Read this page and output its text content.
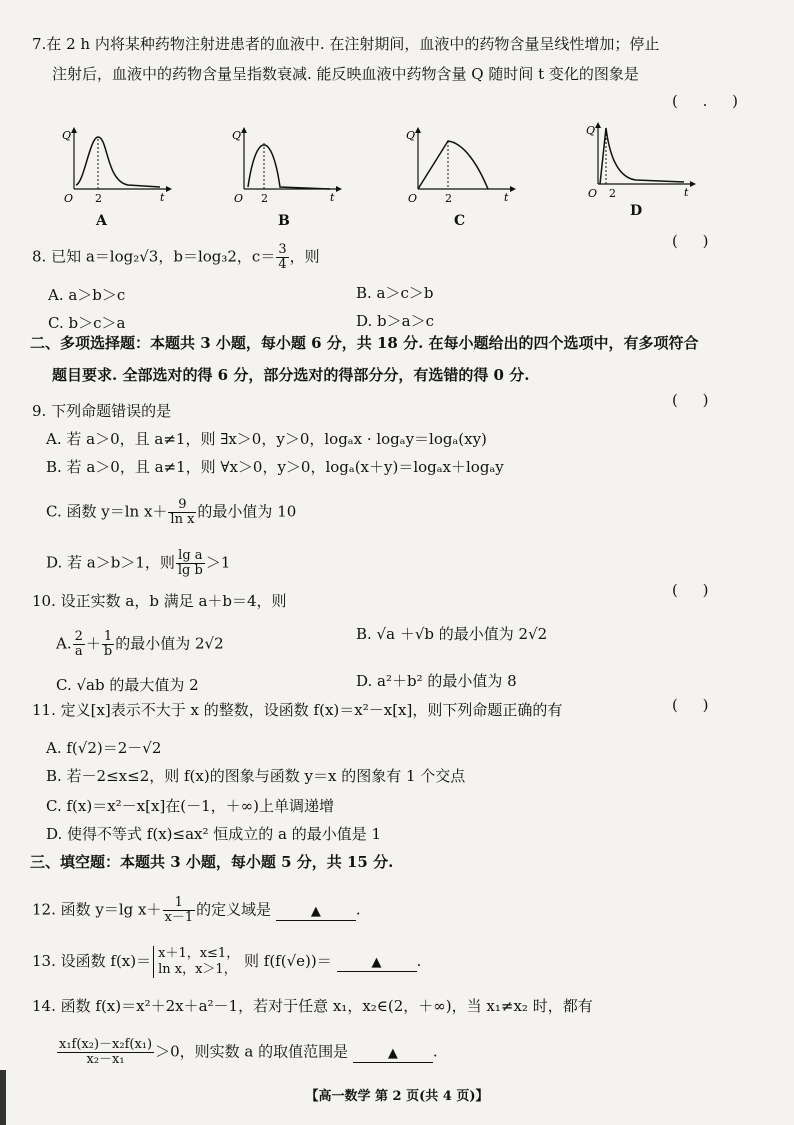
7.在 2 h 内将某种药物注射进患者的血液中. 在注射期间，血液中的药物含量呈线性增加；停止
注射后，血液中的药物含量呈指数衰减. 能反映血液中药物含量 Q 随时间 t 变化的图象是
( . )
Q
O 2	t
A
Q
O 2	t
B
Q
O	2	t
C
Q
O 2	t
D
8. 已知 a＝log₂√3，b＝log₃2，$c= \frac{3}{4}$ ，则
( )
A. a＞b＞c	B. a＞c＞b
C. b＞c＞a	D. b＞a＞c
二、多项选择题：本题共 3 小题，每小题 6 分，共 18 分. 在每小题给出的四个选项中，有多项符合
题目要求. 全部选对的得 6 分，部分选对的得部分分，有选错的得 0 分.
9. 下列命题错误的是
( )
A. 若 a＞0，且 a≠1，则 ∃x＞0，y＞0，logₐx · logₐy＝logₐ(xy)
B. 若 a＞0，且 a≠1，则 ∀x＞0，y＞0，logₐ(x＋y)＝logₐx＋logₐy
C. 函数 y＝ln $x+ \frac{9}{\text{ln x}}$ 的最小值为 10
D. 若 a＞b＞1，则 $\frac{\text{lg a}}{\text{lg b}} >1$
10. 设正实数 a，b 满足 a＋b＝4，则
( )
A. $\frac{2}{a} + \frac{1}{b}$ 的最小值为 2√2
B. √a ＋√b 的最小值为 2√2
C. √ab 的最大值为 2	D. a²＋b² 的最小值为 8
11. 定义[x]表示不大于 x 的整数，设函数 f(x)＝x²－x[x]，则下列命题正确的有	( )
A. f(√2)＝2－√2
B. 若－2≤x≤2，则 f(x)的图象与函数 y＝x 的图象有 1 个交点
C. f(x)＝x²－x[x]在(－1，＋∞)上单调递增
D. 使得不等式 f(x)≤ax² 恒成立的 a 的最小值是 1
三、填空题：本题共 3 小题，每小题 5 分，共 15 分.
12. 函数 y＝lg $x+ \frac{1}{x-1}$ 的定义域是	▲ .
13. 设函数 f(x)＝ x＋1，x≤1，
ln x，x＞1， 则 f(f(√e))＝	▲ .
14. 函数 f(x)＝x²＋2x＋a²－1，若对于任意 x₁，x₂∈(2，＋∞)，当 x₁≠x₂ 时，都有
$\frac{\text{x₁f(x₂)－x₂f(x₁)}}{\text{x₂－x₁}} >0$，则实数 a 的取值范围是	▲ .
【高一数学 第 2 页(共 4 页)】
